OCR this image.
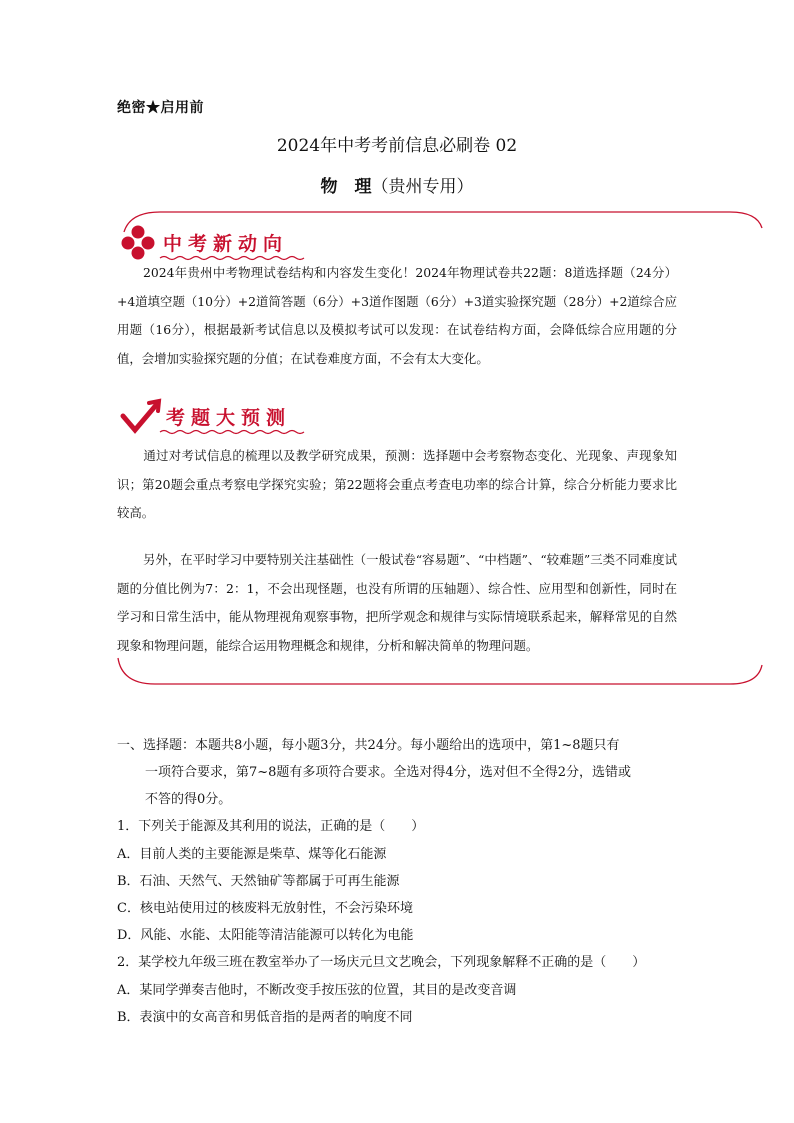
绝密★启用前
2024年中考考前信息必刷卷 02
物　理（贵州专用）
中考新动向
2024年贵州中考物理试卷结构和内容发生变化！2024年物理试卷共22题：8道选择题（24分）+4道填空题（10分）+2道简答题（6分）+3道作图题（6分）+3道实验探究题（28分）+2道综合应用题（16分），根据最新考试信息以及模拟考试可以发现：在试卷结构方面，会降低综合应用题的分值，会增加实验探究题的分值；在试卷难度方面，不会有太大变化。
考题大预测
通过对考试信息的梳理以及教学研究成果，预测：选择题中会考察物态变化、光现象、声现象知识；第20题会重点考察电学探究实验；第22题将会重点考查电功率的综合计算，综合分析能力要求比较高。
另外，在平时学习中要特别关注基础性（一般试卷“容易题”、“中档题”、“较难题”三类不同难度试题的分值比例为7：2：1，不会出现怪题，也没有所谓的压轴题）、综合性、应用型和创新性，同时在学习和日常生活中，能从物理视角观察事物，把所学观念和规律与实际情境联系起来，解释常见的自然现象和物理问题，能综合运用物理概念和规律，分析和解决简单的物理问题。
一、选择题：本题共8小题，每小题3分，共24分。每小题给出的选项中，第1~8题只有
一项符合要求，第7~8题有多项符合要求。全选对得4分，选对但不全得2分，选错或
不答的得0分。
1．下列关于能源及其利用的说法，正确的是（　　）
A．目前人类的主要能源是柴草、煤等化石能源
B．石油、天然气、天然铀矿等都属于可再生能源
C．核电站使用过的核废料无放射性，不会污染环境
D．风能、水能、太阳能等清洁能源可以转化为电能
2．某学校九年级三班在教室举办了一场庆元旦文艺晚会，下列现象解释不正确的是（　　）
A．某同学弹奏吉他时，不断改变手按压弦的位置，其目的是改变音调
B．表演中的女高音和男低音指的是两者的响度不同
